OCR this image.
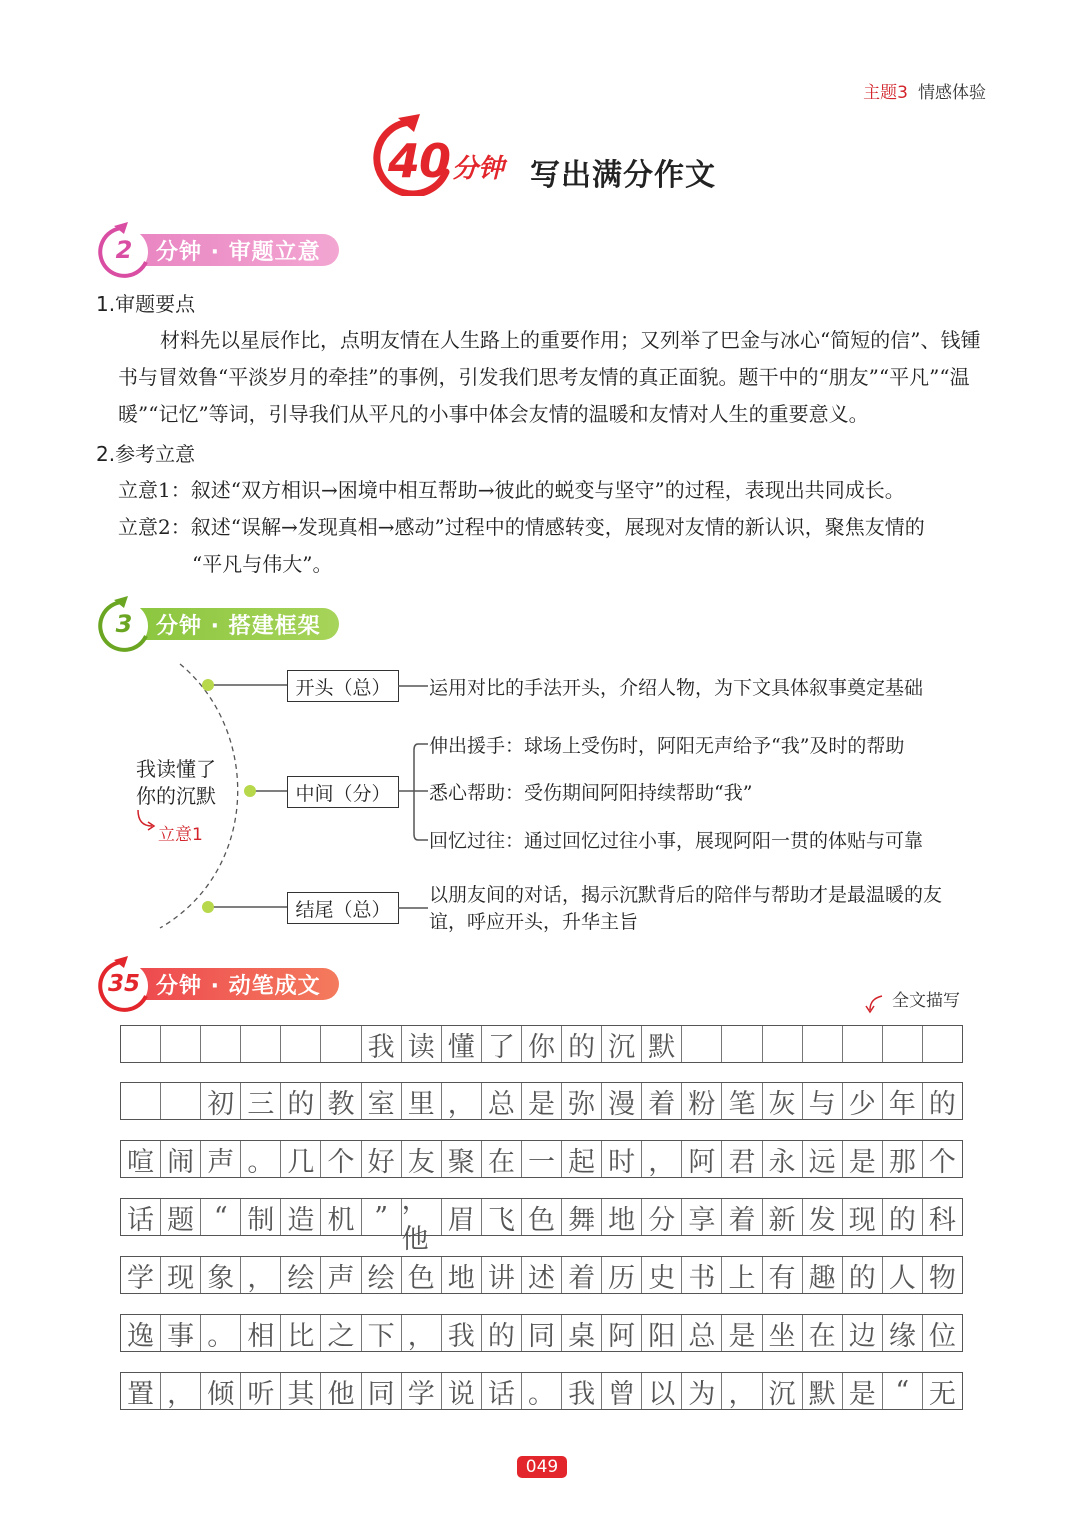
主题3 情感体验
40 分钟 写出满分作文
分钟 · 审题立意
2
1.审题要点
材料先以星辰作比，点明友情在人生路上的重要作用；又列举了巴金与冰心“简短的信”、钱锺书与冒效鲁“平淡岁月的牵挂”的事例，引发我们思考友情的真正面貌。题干中的“朋友”“平凡”“温暖”“记忆”等词，引导我们从平凡的小事中体会友情的温暖和友情对人生的重要意义。
2.参考立意
立意1：叙述“双方相识→困境中相互帮助→彼此的蜕变与坚守”的过程，表现出共同成长。
立意2：叙述“误解→发现真相→感动”过程中的情感转变，展现对友情的新认识，聚焦友情的
“平凡与伟大”。
分钟 · 搭建框架
3
我读懂了
你的沉默
立意1
开头（总）	运用对比的手法开头，介绍人物，为下文具体叙事奠定基础
中间（分）
伸出援手：球场上受伤时，阿阳无声给予“我”及时的帮助
悉心帮助：受伤期间阿阳持续帮助“我”
回忆过往：通过回忆过往小事，展现阿阳一贯的体贴与可靠
结尾（总）
以朋友间的对话，揭示沉默背后的陪伴与帮助才是最温暖的友谊，呼应开头，升华主旨
分钟 · 动笔成文
35
全文描写
我 读 懂 了 你 的 沉 默
初 三 的 教 室 里 ， 总 是 弥 漫 着 粉 笔 灰 与 少 年 的
喧 闹 声 。 几 个 好 友 聚 在 一 起 时 ， 阿 君 永 远 是 那 个
话 题 “ 制 造 机 ”
，他
眉 飞 色 舞 地 分 享 着 新 发 现 的 科
学 现 象 ， 绘 声 绘 色 地 讲 述 着 历 史 书 上 有 趣 的 人 物
逸 事 。 相 比 之 下 ， 我 的 同 桌 阿 阳 总 是 坐 在 边 缘 位
置 ， 倾 听 其 他 同 学 说 话 。 我 曾 以 为 ， 沉 默 是 “ 无
049
